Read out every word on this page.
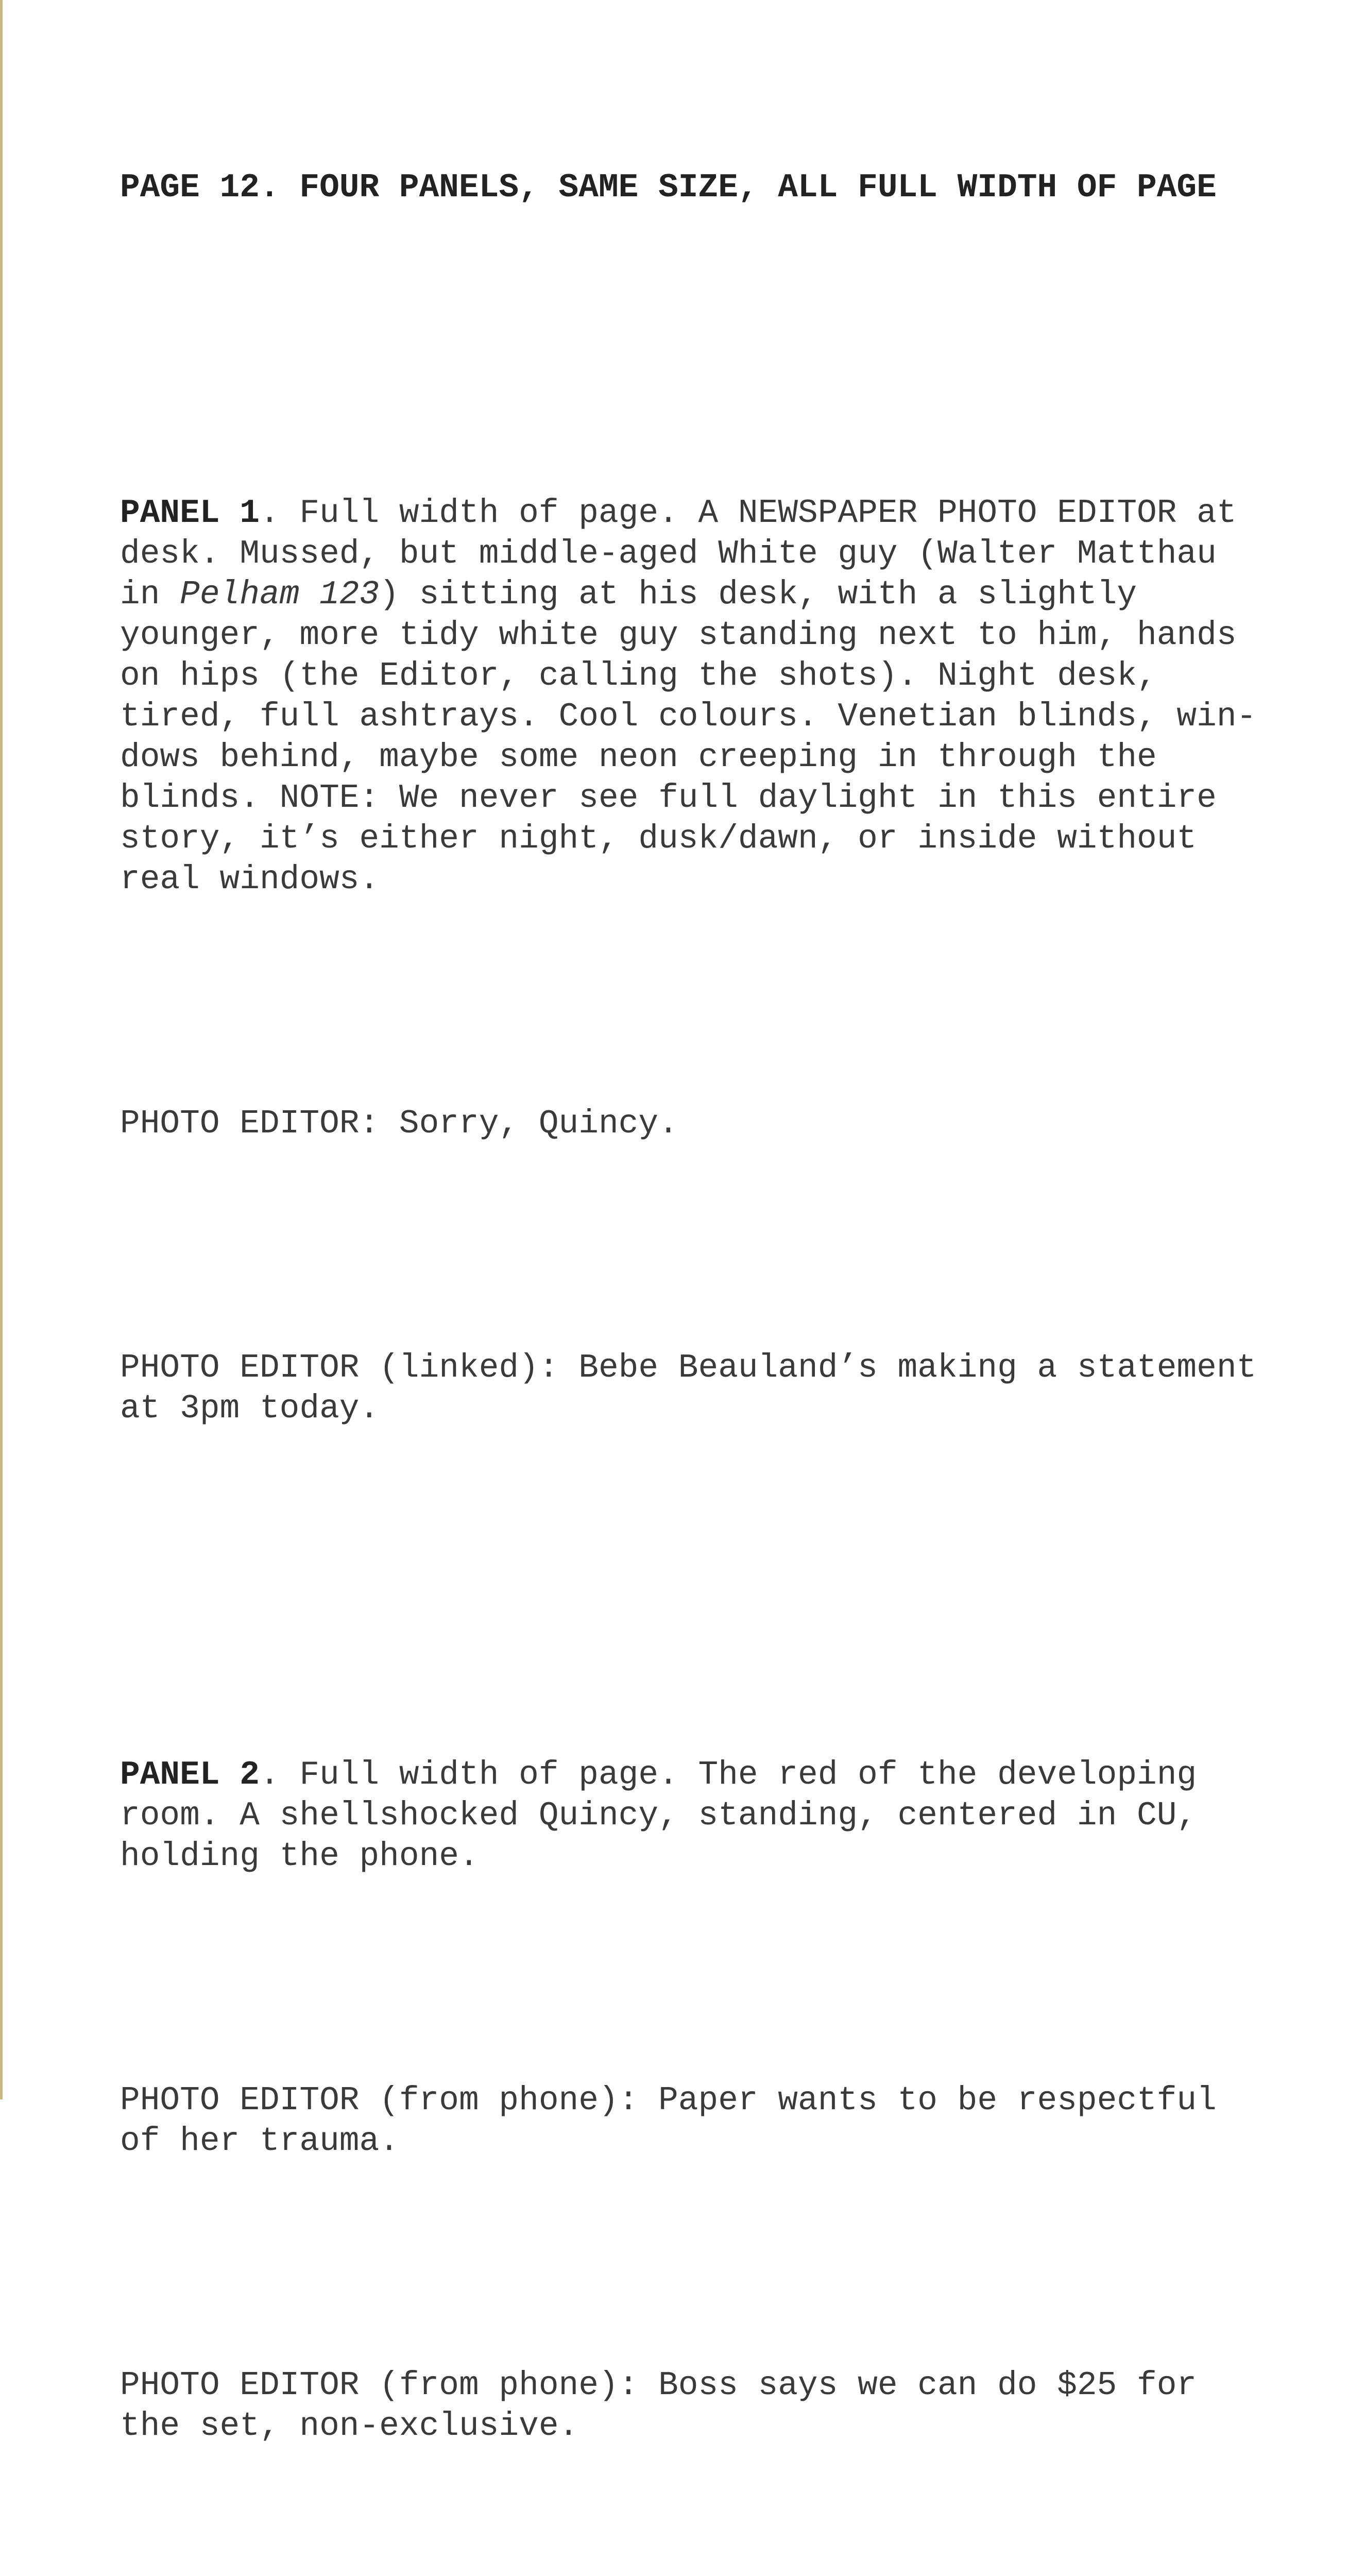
PAGE 12. FOUR PANELS, SAME SIZE, ALL FULL WIDTH OF PAGE

PANEL 1. Full width of page. A NEWSPAPER PHOTO EDITOR at
desk. Mussed, but middle-aged White guy (Walter Matthau
in Pelham 123) sitting at his desk, with a slightly
younger, more tidy white guy standing next to him, hands
on hips (the Editor, calling the shots). Night desk,
tired, full ashtrays. Cool colours. Venetian blinds, win-
dows behind, maybe some neon creeping in through the
blinds. NOTE: We never see full daylight in this entire
story, it’s either night, dusk/dawn, or inside without
real windows.

PHOTO EDITOR: Sorry, Quincy.

PHOTO EDITOR (linked): Bebe Beauland’s making a statement
at 3pm today.

PANEL 2. Full width of page. The red of the developing
room. A shellshocked Quincy, standing, centered in CU,
holding the phone.

PHOTO EDITOR (from phone): Paper wants to be respectful
of her trauma.

PHOTO EDITOR (from phone): Boss says we can do $25 for
the set, non-exclusive.
